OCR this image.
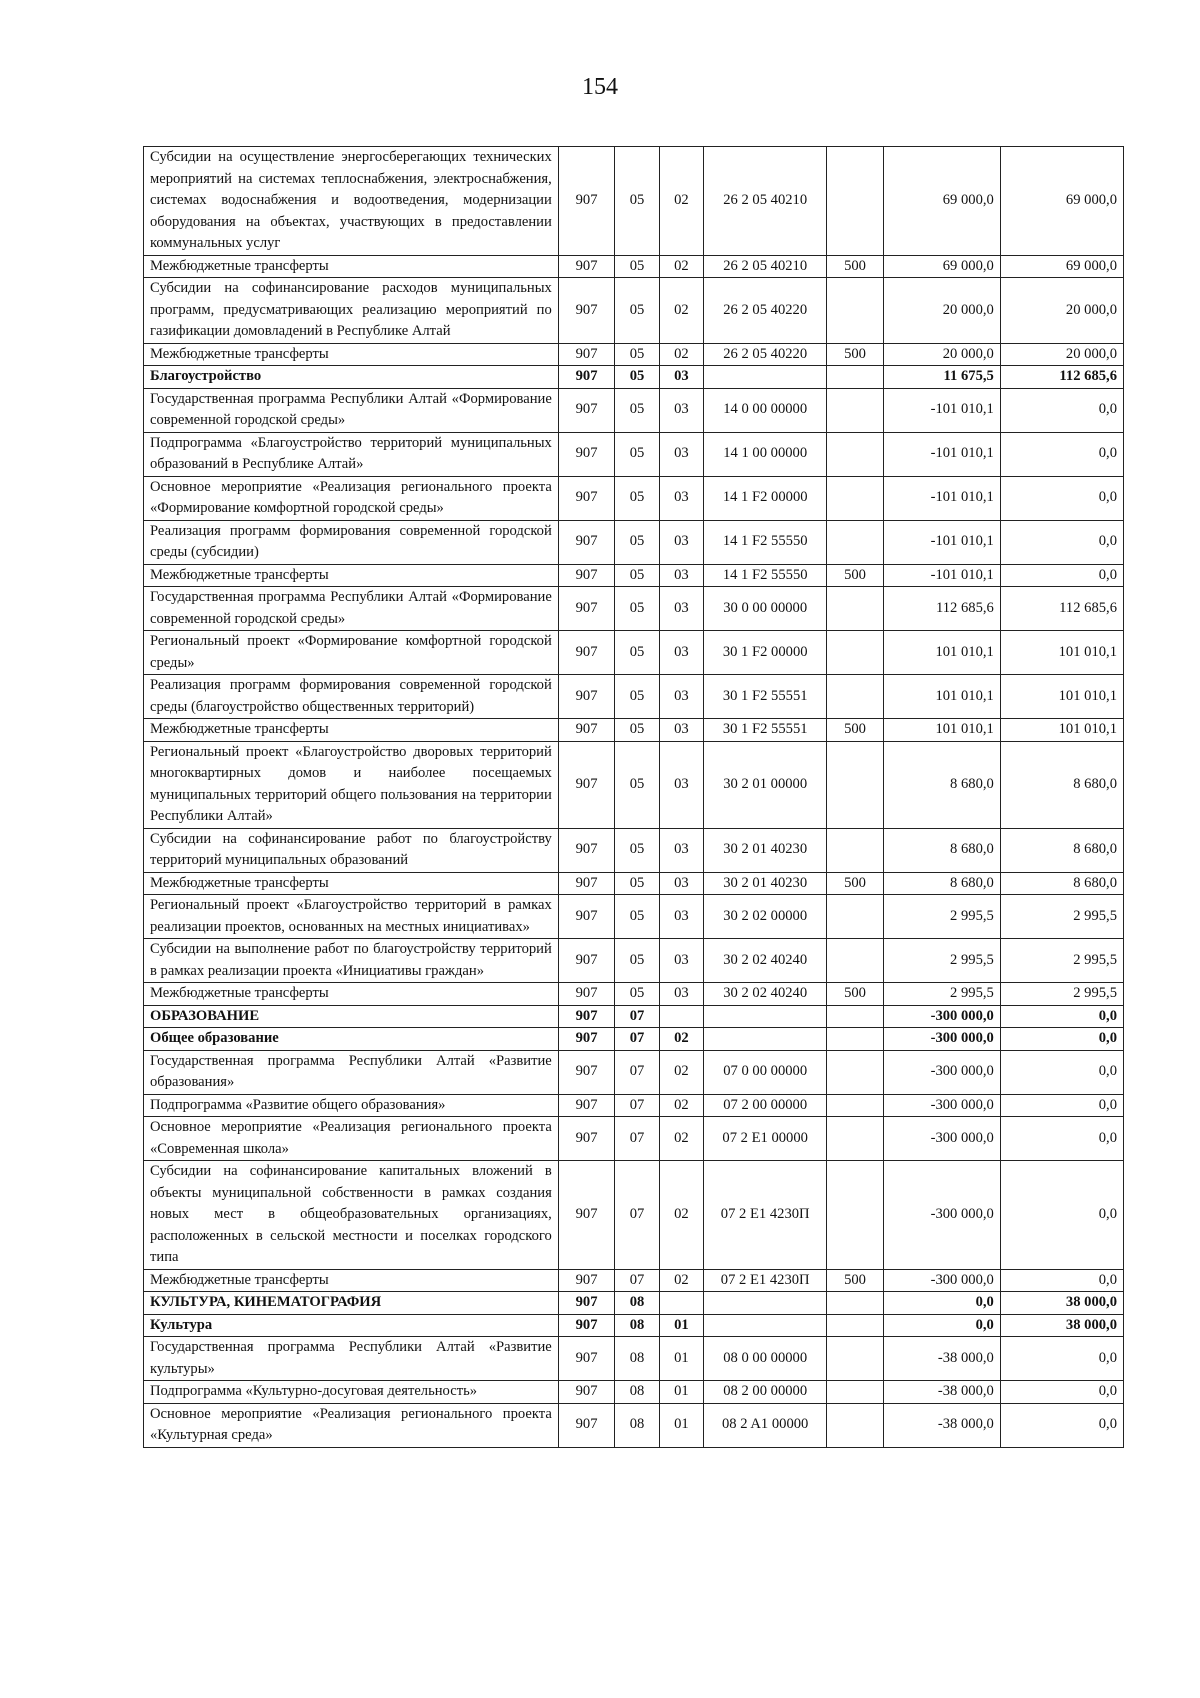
154
Субсидии на осуществление энергосберегающих технических мероприятий на системах теплоснабжения, электроснабжения, системах водоснабжения и водоотведения, модернизации оборудования на объектах, участвующих в предоставлении коммунальных услуг	907	05	02	26 2 05 40210		69 000,0	69 000,0
Межбюджетные трансферты	907	05	02	26 2 05 40210	500	69 000,0	69 000,0
Субсидии на софинансирование расходов муниципальных программ, предусматривающих реализацию мероприятий по газификации домовладений в Республике Алтай	907	05	02	26 2 05 40220		20 000,0	20 000,0
Межбюджетные трансферты	907	05	02	26 2 05 40220	500	20 000,0	20 000,0
Благоустройство	907	05	03			11 675,5	112 685,6
Государственная программа Республики Алтай «Формирование современной городской среды»	907	05	03	14 0 00 00000		-101 010,1	0,0
Подпрограмма «Благоустройство территорий муниципальных образований в Республике Алтай»	907	05	03	14 1 00 00000		-101 010,1	0,0
Основное мероприятие «Реализация регионального проекта «Формирование комфортной городской среды»	907	05	03	14 1 F2 00000		-101 010,1	0,0
Реализация программ формирования современной городской среды (субсидии)	907	05	03	14 1 F2 55550		-101 010,1	0,0
Межбюджетные трансферты	907	05	03	14 1 F2 55550	500	-101 010,1	0,0
Государственная программа Республики Алтай «Формирование современной городской среды»	907	05	03	30 0 00 00000		112 685,6	112 685,6
Региональный проект «Формирование комфортной городской среды»	907	05	03	30 1 F2 00000		101 010,1	101 010,1
Реализация программ формирования современной городской среды (благоустройство общественных территорий)	907	05	03	30 1 F2 55551		101 010,1	101 010,1
Межбюджетные трансферты	907	05	03	30 1 F2 55551	500	101 010,1	101 010,1
Региональный проект «Благоустройство дворовых территорий многоквартирных домов и наиболее посещаемых муниципальных территорий общего пользования на территории Республики Алтай»	907	05	03	30 2 01 00000		8 680,0	8 680,0
Субсидии на софинансирование работ по благоустройству территорий муниципальных образований	907	05	03	30 2 01 40230		8 680,0	8 680,0
Межбюджетные трансферты	907	05	03	30 2 01 40230	500	8 680,0	8 680,0
Региональный проект «Благоустройство территорий в рамках реализации проектов, основанных на местных инициативах»	907	05	03	30 2 02 00000		2 995,5	2 995,5
Субсидии на выполнение работ по благоустройству территорий в рамках реализации проекта «Инициативы граждан»	907	05	03	30 2 02 40240		2 995,5	2 995,5
Межбюджетные трансферты	907	05	03	30 2 02 40240	500	2 995,5	2 995,5
ОБРАЗОВАНИЕ	907	07				-300 000,0	0,0
Общее образование	907	07	02			-300 000,0	0,0
Государственная программа Республики Алтай «Развитие образования»	907	07	02	07 0 00 00000		-300 000,0	0,0
Подпрограмма «Развитие общего образования»	907	07	02	07 2 00 00000		-300 000,0	0,0
Основное мероприятие «Реализация регионального проекта «Современная школа»	907	07	02	07 2 E1 00000		-300 000,0	0,0
Субсидии на софинансирование капитальных вложений в объекты муниципальной собственности в рамках создания новых мест в общеобразовательных организациях, расположенных в сельской местности и поселках городского типа	907	07	02	07 2 E1 4230П		-300 000,0	0,0
Межбюджетные трансферты	907	07	02	07 2 E1 4230П	500	-300 000,0	0,0
КУЛЬТУРА, КИНЕМАТОГРАФИЯ	907	08				0,0	38 000,0
Культура	907	08	01			0,0	38 000,0
Государственная программа Республики Алтай «Развитие культуры»	907	08	01	08 0 00 00000		-38 000,0	0,0
Подпрограмма «Культурно-досуговая деятельность»	907	08	01	08 2 00 00000		-38 000,0	0,0
Основное мероприятие «Реализация регионального проекта «Культурная среда»	907	08	01	08 2 A1 00000		-38 000,0	0,0
